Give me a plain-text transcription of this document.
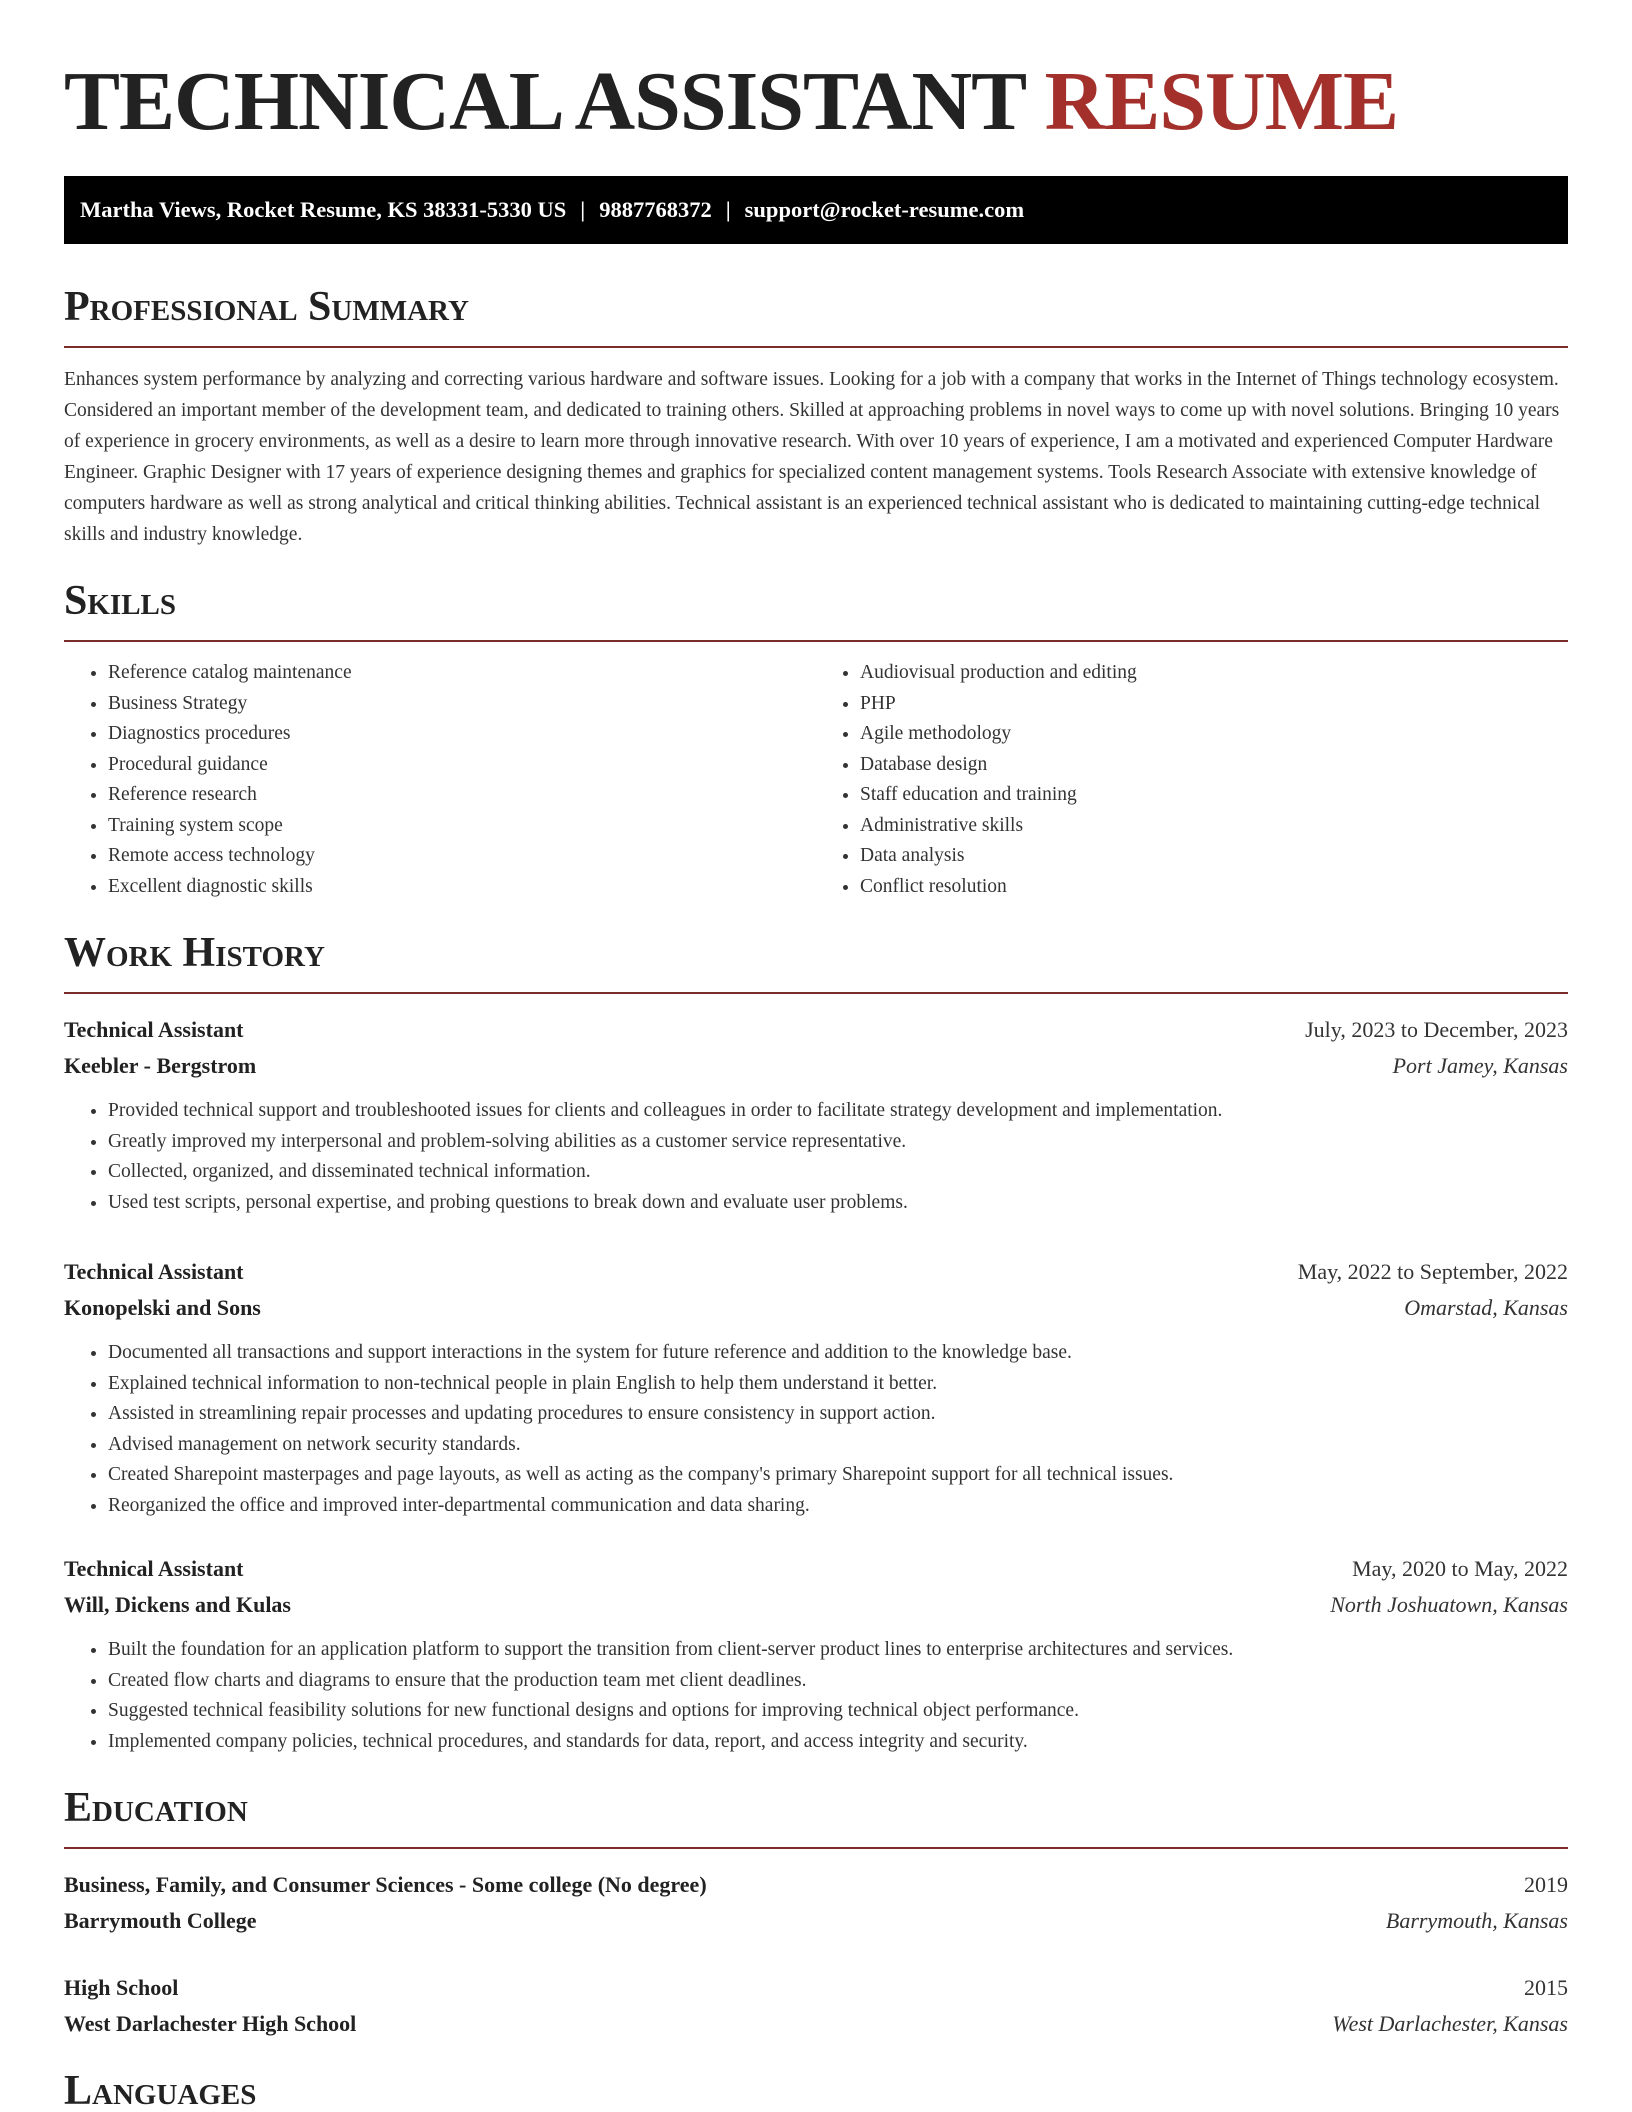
TECHNICAL ASSISTANT RESUME
Martha Views, Rocket Resume, KS 38331-5330 US | 9887768372 | support@rocket-resume.com
Professional Summary

Enhances system performance by analyzing and correcting various hardware and software issues. Looking for a job with a company that works in the Internet of Things technology ecosystem. Considered an important member of the development team, and dedicated to training others. Skilled at approaching problems in novel ways to come up with novel solutions. Bringing 10 years of experience in grocery environments, as well as a desire to learn more through innovative research. With over 10 years of experience, I am a motivated and experienced Computer Hardware Engineer. Graphic Designer with 17 years of experience designing themes and graphics for specialized content management systems. Tools Research Associate with extensive knowledge of computers hardware as well as strong analytical and critical thinking abilities. Technical assistant is an experienced technical assistant who is dedicated to maintaining cutting-edge technical skills and industry knowledge.

Skills
• Reference catalog maintenance
• Business Strategy
• Diagnostics procedures
• Procedural guidance
• Reference research
• Training system scope
• Remote access technology
• Excellent diagnostic skills
• Audiovisual production and editing
• PHP
• Agile methodology
• Database design
• Staff education and training
• Administrative skills
• Data analysis
• Conflict resolution
Work History
Technical Assistant	July, 2023 to December, 2023
Keebler - Bergstrom	Port Jamey, Kansas
• Provided technical support and troubleshooted issues for clients and colleagues in order to facilitate strategy development and implementation.
• Greatly improved my interpersonal and problem-solving abilities as a customer service representative.
• Collected, organized, and disseminated technical information.
• Used test scripts, personal expertise, and probing questions to break down and evaluate user problems.
Technical Assistant	May, 2022 to September, 2022
Konopelski and Sons	Omarstad, Kansas
• Documented all transactions and support interactions in the system for future reference and addition to the knowledge base.
• Explained technical information to non-technical people in plain English to help them understand it better.
• Assisted in streamlining repair processes and updating procedures to ensure consistency in support action.
• Advised management on network security standards.
• Created Sharepoint masterpages and page layouts, as well as acting as the company's primary Sharepoint support for all technical issues.
• Reorganized the office and improved inter-departmental communication and data sharing.
Technical Assistant	May, 2020 to May, 2022
Will, Dickens and Kulas	North Joshuatown, Kansas
• Built the foundation for an application platform to support the transition from client-server product lines to enterprise architectures and services.
• Created flow charts and diagrams to ensure that the production team met client deadlines.
• Suggested technical feasibility solutions for new functional designs and options for improving technical object performance.
• Implemented company policies, technical procedures, and standards for data, report, and access integrity and security.
Education
Business, Family, and Consumer Sciences - Some college (No degree)	2019
Barrymouth College	Barrymouth, Kansas
High School	2015
West Darlachester High School	West Darlachester, Kansas
Languages
